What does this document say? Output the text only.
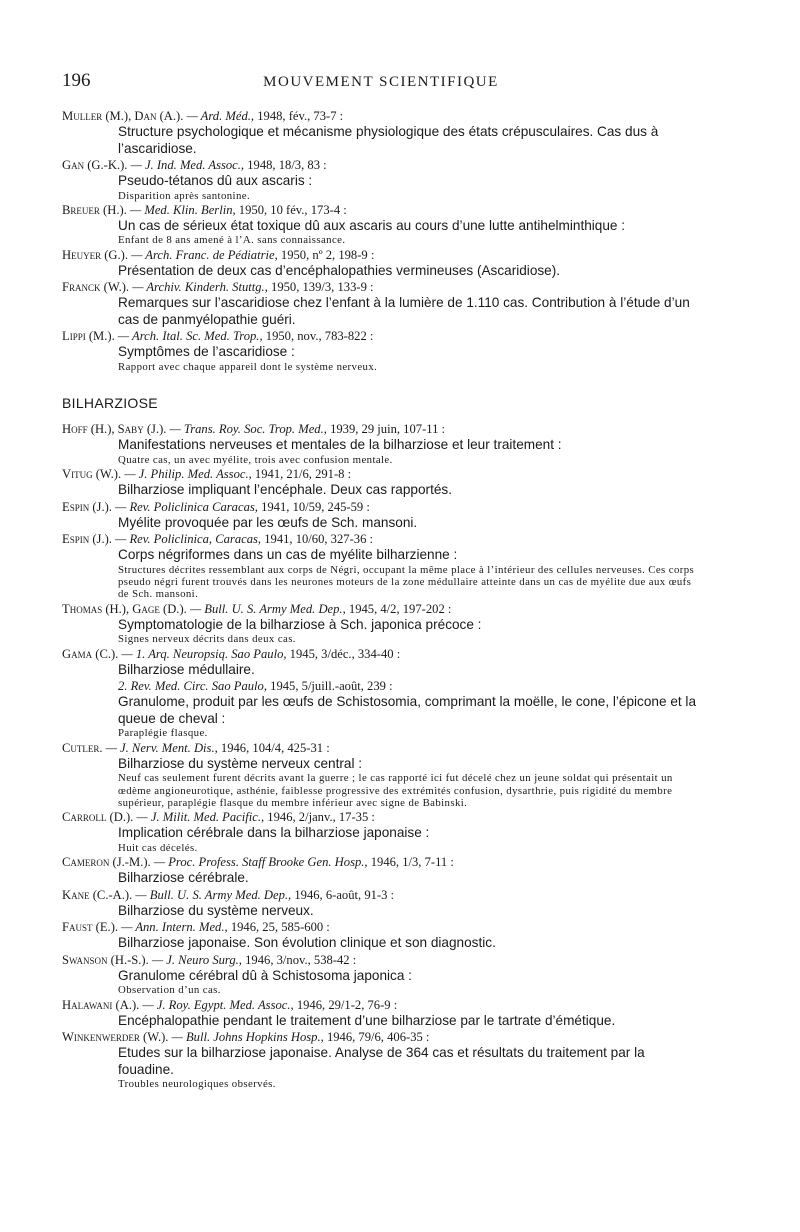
196	MOUVEMENT SCIENTIFIQUE
Muller (M.), Dan (A.). — Ard. Méd., 1948, fév., 73-7 :
Structure psychologique et mécanisme physiologique des états crépusculaires. Cas dus à l’ascaridiose.
Gan (G.-K.). — J. Ind. Med. Assoc., 1948, 18/3, 83 :
Pseudo-tétanos dû aux ascaris :
Disparition après santonine.
Breuer (H.). — Med. Klin. Berlin, 1950, 10 fév., 173-4 :
Un cas de sérieux état toxique dû aux ascaris au cours d’une lutte antihelminthique :
Enfant de 8 ans amené à l’A. sans connaissance.
Heuyer (G.). — Arch. Franc. de Pédiatrie, 1950, nº 2, 198-9 :
Présentation de deux cas d’encéphalopathies vermineuses (Ascaridiose).
Franck (W.). — Archiv. Kinderh. Stuttg., 1950, 139/3, 133-9 :
Remarques sur l’ascaridiose chez l’enfant à la lumière de 1.110 cas. Contribution à l’étude d’un cas de panmyélopathie guéri.
Lippi (M.). — Arch. Ital. Sc. Med. Trop., 1950, nov., 783-822 :
Symptômes de l’ascaridiose :
Rapport avec chaque appareil dont le système nerveux.
BILHARZIOSE
Hoff (H.), Saby (J.). — Trans. Roy. Soc. Trop. Med., 1939, 29 juin, 107-11 :
Manifestations nerveuses et mentales de la bilharziose et leur traitement :
Quatre cas, un avec myélite, trois avec confusion mentale.
Vitug (W.). — J. Philip. Med. Assoc., 1941, 21/6, 291-8 :
Bilharziose impliquant l’encéphale. Deux cas rapportés.
Espin (J.). — Rev. Policlinica Caracas, 1941, 10/59, 245-59 :
Myélite provoquée par les œufs de Sch. mansoni.
Espin (J.). — Rev. Policlinica, Caracas, 1941, 10/60, 327-36 :
Corps négriformes dans un cas de myélite bilharzienne :
Structures décrites ressemblant aux corps de Négri, occupant la même place à l’intérieur des cellules nerveuses. Ces corps pseudo négri furent trouvés dans les neurones moteurs de la zone médullaire atteinte dans un cas de myélite due aux œufs de Sch. mansoni.
Thomas (H.), Gage (D.). — Bull. U. S. Army Med. Dep., 1945, 4/2, 197-202 :
Symptomatologie de la bilharziose à Sch. japonica précoce :
Signes nerveux décrits dans deux cas.
Gama (C.). — 1. Arq. Neuropsiq. Sao Paulo, 1945, 3/déc., 334-40 :
Bilharziose médullaire.
2. Rev. Med. Circ. Sao Paulo, 1945, 5/juill.-août, 239 :
Granulome, produit par les œufs de Schistosomia, comprimant la moëlle, le cone, l’épicone et la queue de cheval :
Paraplégie flasque.
Cutler. — J. Nerv. Ment. Dis., 1946, 104/4, 425-31 :
Bilharziose du système nerveux central :
Neuf cas seulement furent décrits avant la guerre ; le cas rapporté ici fut décelé chez un jeune soldat qui présentait un œdème angioneurotique, asthénie, faiblesse progressive des extrémités confusion, dysarthrie, puis rigidité du membre supérieur, paraplégie flasque du membre inférieur avec signe de Babinski.
Carroll (D.). — J. Milit. Med. Pacific., 1946, 2/janv., 17-35 :
Implication cérébrale dans la bilharziose japonaise :
Huit cas décelés.
Cameron (J.-M.). — Proc. Profess. Staff Brooke Gen. Hosp., 1946, 1/3, 7-11 :
Bilharziose cérébrale.
Kane (C.-A.). — Bull. U. S. Army Med. Dep., 1946, 6-août, 91-3 :
Bilharziose du système nerveux.
Faust (E.). — Ann. Intern. Med., 1946, 25, 585-600 :
Bilharziose japonaise. Son évolution clinique et son diagnostic.
Swanson (H.-S.). — J. Neuro Surg., 1946, 3/nov., 538-42 :
Granulome cérébral dû à Schistosoma japonica :
Observation d’un cas.
Halawani (A.). — J. Roy. Egypt. Med. Assoc., 1946, 29/1-2, 76-9 :
Encéphalopathie pendant le traitement d’une bilharziose par le tartrate d’émétique.
Winkenwerder (W.). — Bull. Johns Hopkins Hosp., 1946, 79/6, 406-35 :
Etudes sur la bilharziose japonaise. Analyse de 364 cas et résultats du traitement par la fouadine.
Troubles neurologiques observés.
